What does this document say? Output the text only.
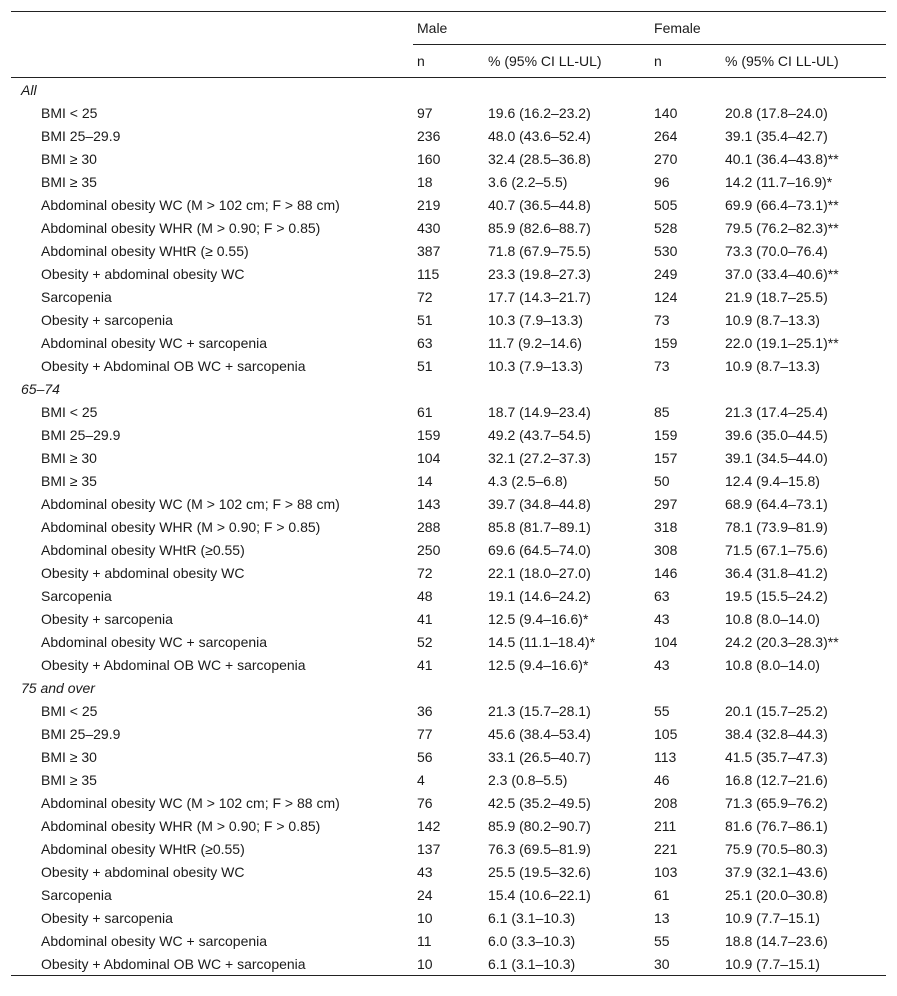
	Male		Female	
	n	% (95% CI LL-UL)	n	% (95% CI LL-UL)
All				
BMI < 25	97	19.6 (16.2–23.2)	140	20.8 (17.8–24.0)
BMI 25–29.9	236	48.0 (43.6–52.4)	264	39.1 (35.4–42.7)
BMI ≥ 30	160	32.4 (28.5–36.8)	270	40.1 (36.4–43.8)**
BMI ≥ 35	18	3.6 (2.2–5.5)	96	14.2 (11.7–16.9)*
Abdominal obesity WC (M > 102 cm; F > 88 cm)	219	40.7 (36.5–44.8)	505	69.9 (66.4–73.1)**
Abdominal obesity WHR (M > 0.90; F > 0.85)	430	85.9 (82.6–88.7)	528	79.5 (76.2–82.3)**
Abdominal obesity WHtR (≥ 0.55)	387	71.8 (67.9–75.5)	530	73.3 (70.0–76.4)
Obesity + abdominal obesity WC	115	23.3 (19.8–27.3)	249	37.0 (33.4–40.6)**
Sarcopenia	72	17.7 (14.3–21.7)	124	21.9 (18.7–25.5)
Obesity + sarcopenia	51	10.3 (7.9–13.3)	73	10.9 (8.7–13.3)
Abdominal obesity WC + sarcopenia	63	11.7 (9.2–14.6)	159	22.0 (19.1–25.1)**
Obesity + Abdominal OB WC + sarcopenia	51	10.3 (7.9–13.3)	73	10.9 (8.7–13.3)
65–74				
BMI < 25	61	18.7 (14.9–23.4)	85	21.3 (17.4–25.4)
BMI 25–29.9	159	49.2 (43.7–54.5)	159	39.6 (35.0–44.5)
BMI ≥ 30	104	32.1 (27.2–37.3)	157	39.1 (34.5–44.0)
BMI ≥ 35	14	4.3 (2.5–6.8)	50	12.4 (9.4–15.8)
Abdominal obesity WC (M > 102 cm; F > 88 cm)	143	39.7 (34.8–44.8)	297	68.9 (64.4–73.1)
Abdominal obesity WHR (M > 0.90; F > 0.85)	288	85.8 (81.7–89.1)	318	78.1 (73.9–81.9)
Abdominal obesity WHtR (≥0.55)	250	69.6 (64.5–74.0)	308	71.5 (67.1–75.6)
Obesity + abdominal obesity WC	72	22.1 (18.0–27.0)	146	36.4 (31.8–41.2)
Sarcopenia	48	19.1 (14.6–24.2)	63	19.5 (15.5–24.2)
Obesity + sarcopenia	41	12.5 (9.4–16.6)*	43	10.8 (8.0–14.0)
Abdominal obesity WC + sarcopenia	52	14.5 (11.1–18.4)*	104	24.2 (20.3–28.3)**
Obesity + Abdominal OB WC + sarcopenia	41	12.5 (9.4–16.6)*	43	10.8 (8.0–14.0)
75 and over				
BMI < 25	36	21.3 (15.7–28.1)	55	20.1 (15.7–25.2)
BMI 25–29.9	77	45.6 (38.4–53.4)	105	38.4 (32.8–44.3)
BMI ≥ 30	56	33.1 (26.5–40.7)	113	41.5 (35.7–47.3)
BMI ≥ 35	4	2.3 (0.8–5.5)	46	16.8 (12.7–21.6)
Abdominal obesity WC (M > 102 cm; F > 88 cm)	76	42.5 (35.2–49.5)	208	71.3 (65.9–76.2)
Abdominal obesity WHR (M > 0.90; F > 0.85)	142	85.9 (80.2–90.7)	211	81.6 (76.7–86.1)
Abdominal obesity WHtR (≥0.55)	137	76.3 (69.5–81.9)	221	75.9 (70.5–80.3)
Obesity + abdominal obesity WC	43	25.5 (19.5–32.6)	103	37.9 (32.1–43.6)
Sarcopenia	24	15.4 (10.6–22.1)	61	25.1 (20.0–30.8)
Obesity + sarcopenia	10	6.1 (3.1–10.3)	13	10.9 (7.7–15.1)
Abdominal obesity WC + sarcopenia	11	6.0 (3.3–10.3)	55	18.8 (14.7–23.6)
Obesity + Abdominal OB WC + sarcopenia	10	6.1 (3.1–10.3)	30	10.9 (7.7–15.1)
